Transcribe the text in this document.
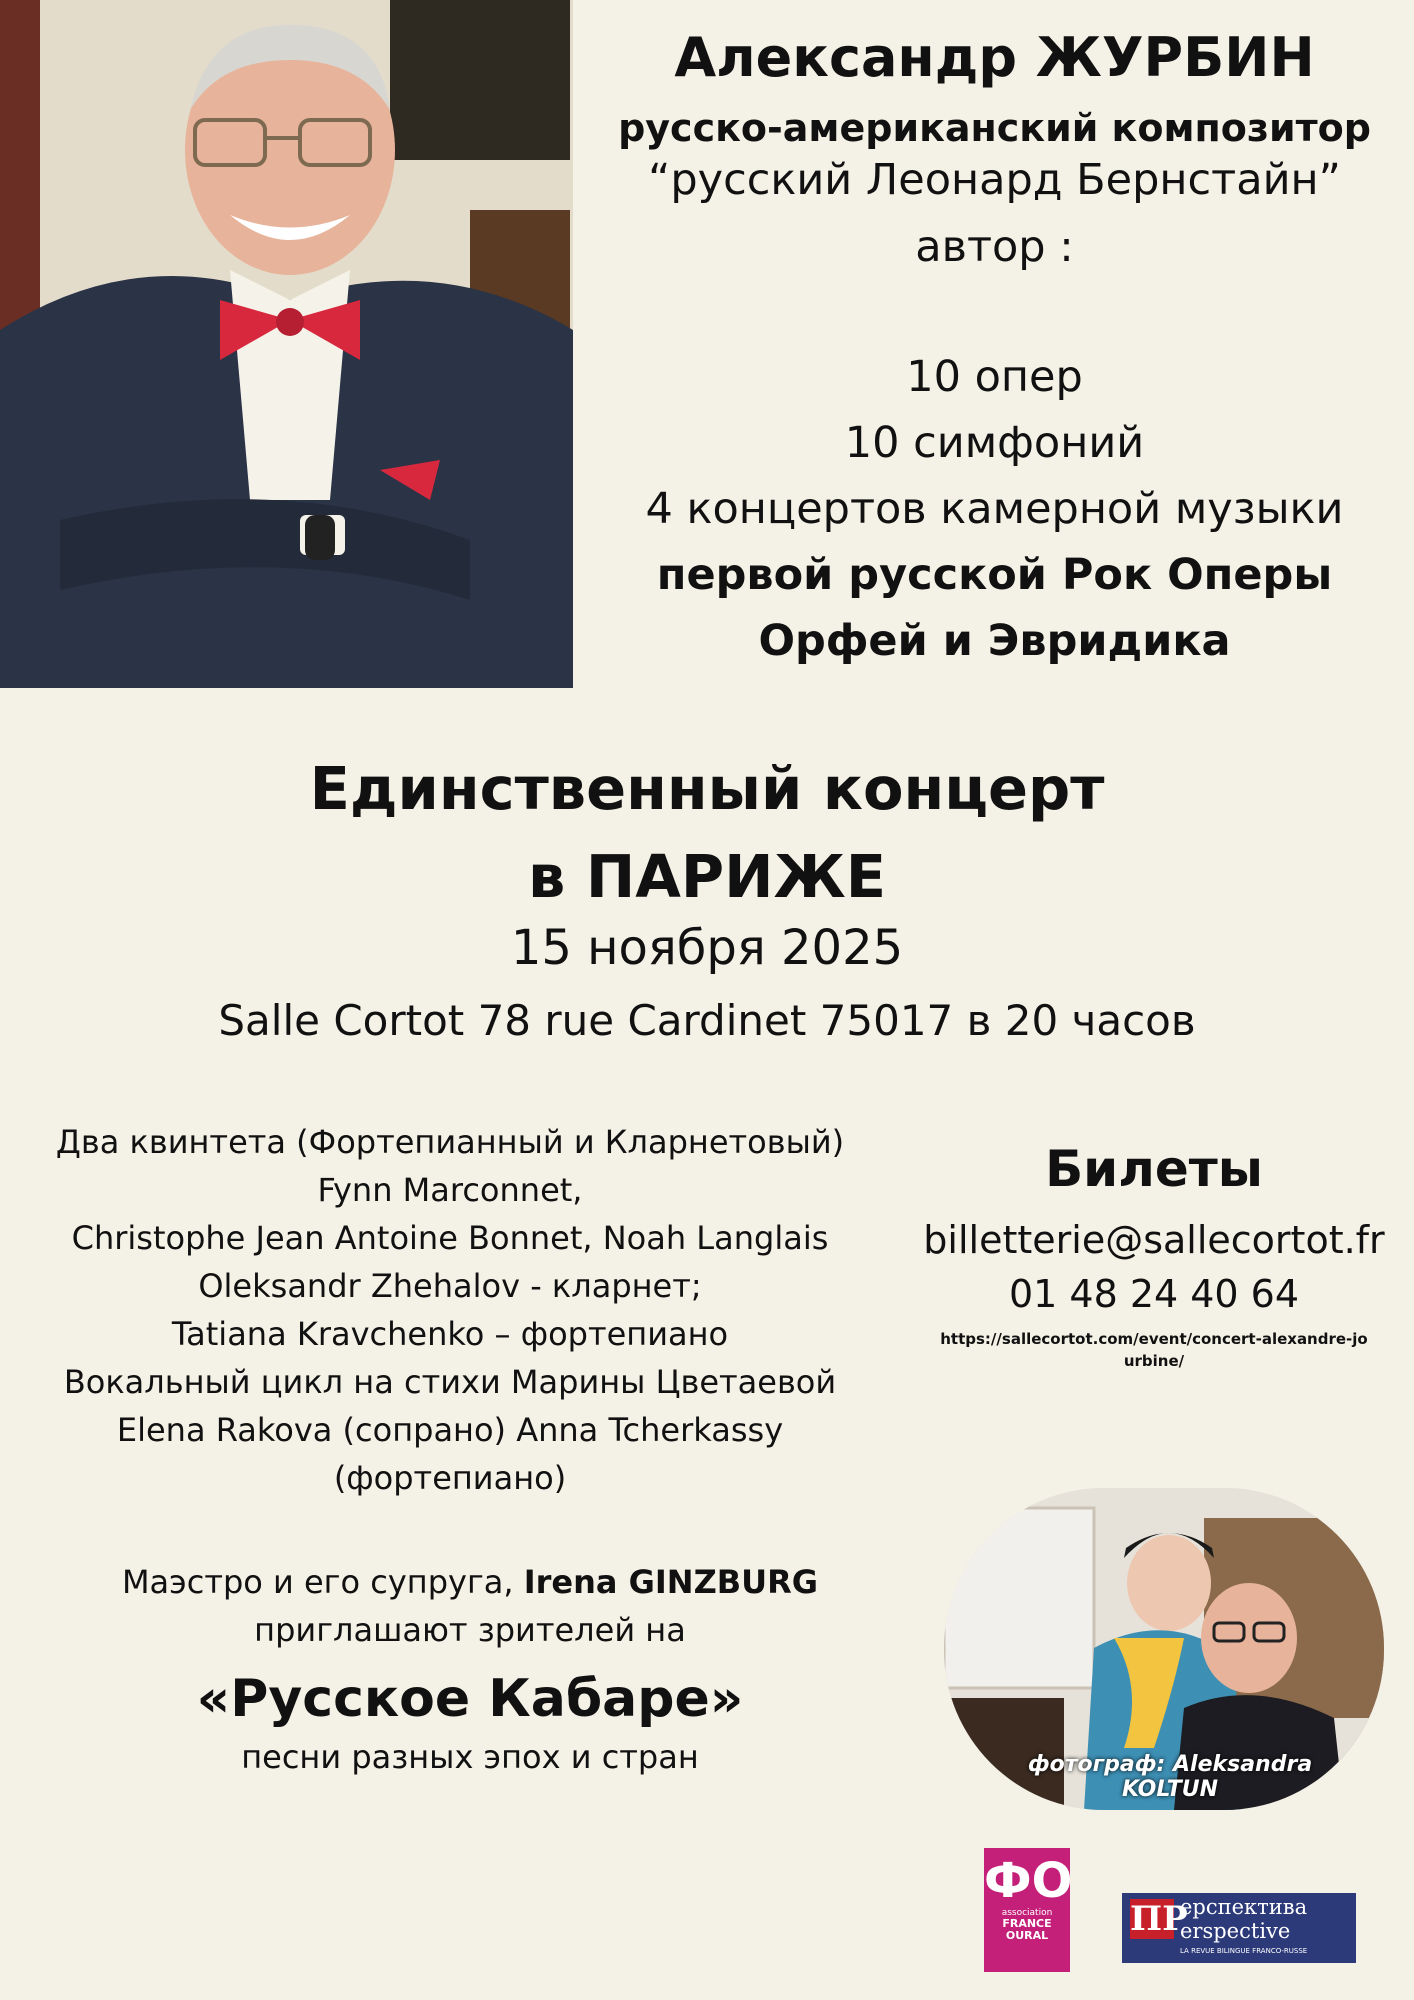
Александр ЖУРБИН
русско-американский композитор
“русский Леонард Бернстайн”
автор :
10 опер
10 симфоний
4 концертов камерной музыки
первой русской Рок Оперы
Орфей и Эвридика
Единственный концерт
в ПАРИЖЕ
15 ноября 2025
Salle Cortot 78 rue Cardinet 75017 в 20 часов
Два квинтета (Фортепианный и Кларнетовый)
Fynn Marconnet,
Christophe Jean Antoine Bonnet, Noah Langlais
Oleksandr Zhehalov - кларнет;
Tatiana Kravchenko – фортепиано
Вокальный цикл на стихи Марины Цветаевой
Elena Rakova (сопрано) Anna Tcherkassy
(фортепиано)
Билеты
billetterie@sallecortot.fr
01 48 24 40 64
https://sallecortot.com/event/concert-alexandre-jourbine/
Маэстро и его супруга, Irena GINZBURG
приглашают зрителей на
«Русское Кабаре»
песни разных эпох и стран	фотограф: Aleksandra KOLTUN
ФO
association
FRANCE
OURAL	ПР
ерспектива
erspective
LA REVUE BILINGUE FRANCO-RUSSE
